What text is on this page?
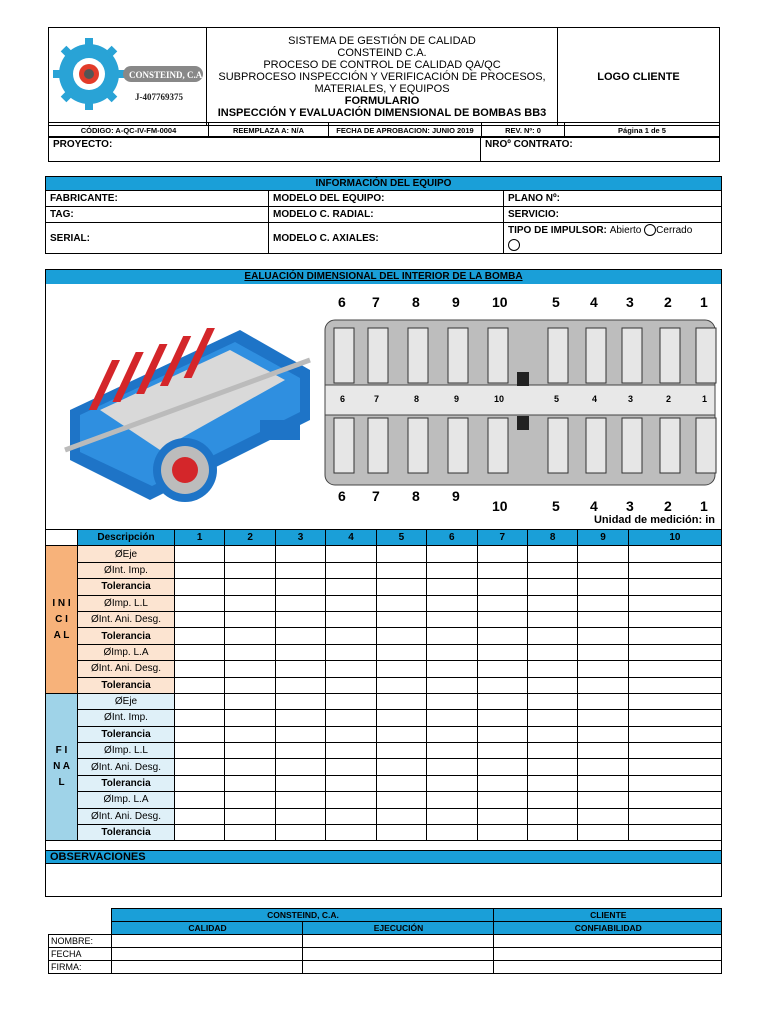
CONSTEIND, C.A.
J-407769375

SISTEMA DE GESTIÓN DE CALIDAD
CONSTEIND C.A.
PROCESO DE CONTROL DE CALIDAD QA/QC
SUBPROCESO INSPECCIÓN Y VERIFICACIÓN DE PROCESOS,
MATERIALES, Y EQUIPOS
FORMULARIO
INSPECCIÓN Y EVALUACIÓN DIMENSIONAL DE BOMBAS BB3
	LOGO CLIENTE
CÓDIGO: A-QC-IV-FM-0004	REEMPLAZA A: N/A	FECHA DE APROBACION: JUNIO 2019	REV. Nº: 0	Página 1 de 5
PROYECTO:	NROº CONTRATO:
INFORMACIÓN DEL EQUIPO		
FABRICANTE:	MODELO DEL EQUIPO:	PLANO Nº:
TAG:	MODELO C. RADIAL:	SERVICIO:
SERIAL:	MODELO C. AXIALES:	TIPO DE IMPULSOR: Abierto Cerrado

EALUACIÓN DIMENSIONAL DEL INTERIOR DE LA BOMBA
6	7	8	9	10	5	4	3	2	1
6 7 8 9 10	5 4 3 2 1
6 7 8 9
10	5 4 3 2 1
Unidad de medición: in
	Descripción	1	2	3	4	5	6	7	8	9	10
I N I C I A L	ØEje										
	ØInt. Imp.										
	Tolerancia										
	ØImp. L.L										
	ØInt. Ani. Desg.										
	Tolerancia										
	ØImp. L.A										
	ØInt. Ani. Desg.										
	Tolerancia										
F I N A L	ØEje										
	ØInt. Imp.										
	Tolerancia										
	ØImp. L.L										
	ØInt. Ani. Desg.										
	Tolerancia										
	ØImp. L.A										
	ØInt. Ani. Desg.										
	Tolerancia										
OBSERVACIONES

	CONSTEIND, C.A.		CLIENTE
	CALIDAD	EJECUCIÓN	CONFIABILIDAD
NOMBRE:			
FECHA			
FIRMA:			
